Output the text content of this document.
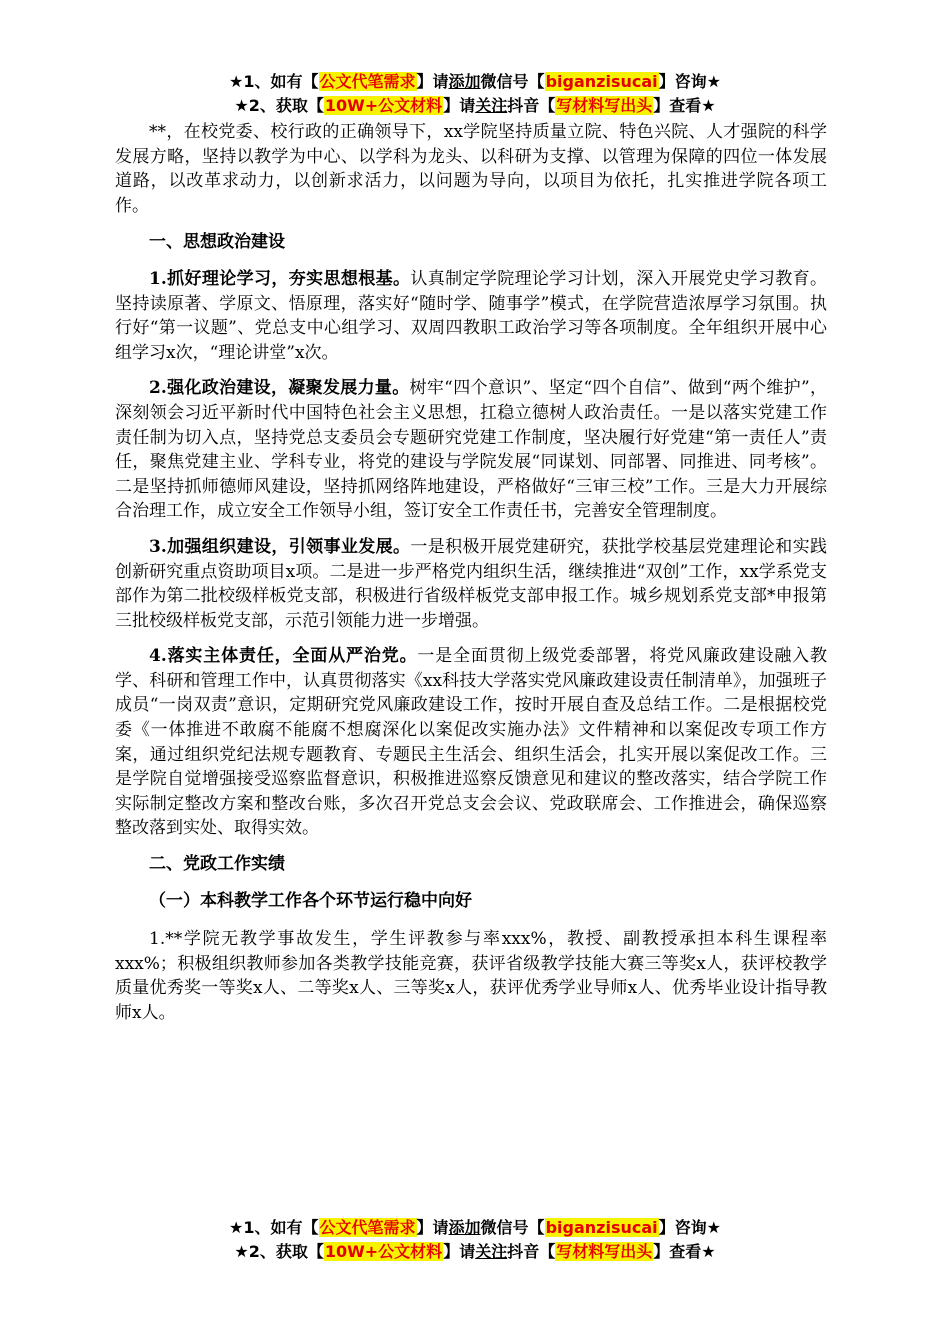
★1、如有【公文代笔需求】请添加微信号【biganzisucai】咨询★
★2、获取【10W+公文材料】请关注抖音【写材料写出头】查看★

**，在校党委、校行政的正确领导下，xx学院坚持质量立院、特色兴院、人才强院的科学发展方略，坚持以教学为中心、以学科为龙头、以科研为支撑、以管理为保障的四位一体发展道路，以改革求动力，以创新求活力，以问题为导向，以项目为依托，扎实推进学院各项工作。

一、思想政治建设

1.抓好理论学习，夯实思想根基。认真制定学院理论学习计划，深入开展党史学习教育。坚持读原著、学原文、悟原理，落实好“随时学、随事学”模式，在学院营造浓厚学习氛围。执行好“第一议题”、党总支中心组学习、双周四教职工政治学习等各项制度。全年组织开展中心组学习x次，“理论讲堂”x次。

2.强化政治建设，凝聚发展力量。树牢“四个意识”、坚定“四个自信”、做到“两个维护”，深刻领会习近平新时代中国特色社会主义思想，扛稳立德树人政治责任。一是以落实党建工作责任制为切入点，坚持党总支委员会专题研究党建工作制度，坚决履行好党建“第一责任人”责任，聚焦党建主业、学科专业，将党的建设与学院发展“同谋划、同部署、同推进、同考核”。二是坚持抓师德师风建设，坚持抓网络阵地建设，严格做好“三审三校”工作。三是大力开展综合治理工作，成立安全工作领导小组，签订安全工作责任书，完善安全管理制度。

3.加强组织建设，引领事业发展。一是积极开展党建研究，获批学校基层党建理论和实践创新研究重点资助项目x项。二是进一步严格党内组织生活，继续推进“双创”工作，xx学系党支部作为第二批校级样板党支部，积极进行省级样板党支部申报工作。城乡规划系党支部*申报第三批校级样板党支部，示范引领能力进一步增强。

4.落实主体责任，全面从严治党。一是全面贯彻上级党委部署，将党风廉政建设融入教学、科研和管理工作中，认真贯彻落实《xx科技大学落实党风廉政建设责任制清单》，加强班子成员“一岗双责”意识，定期研究党风廉政建设工作，按时开展自查及总结工作。二是根据校党委《一体推进不敢腐不能腐不想腐深化以案促改实施办法》文件精神和以案促改专项工作方案，通过组织党纪法规专题教育、专题民主生活会、组织生活会，扎实开展以案促改工作。三是学院自觉增强接受巡察监督意识，积极推进巡察反馈意见和建议的整改落实，结合学院工作实际制定整改方案和整改台账，多次召开党总支会会议、党政联席会、工作推进会，确保巡察整改落到实处、取得实效。

二、党政工作实绩
（一）本科教学工作各个环节运行稳中向好

1.**学院无教学事故发生，学生评教参与率xxx%，教授、副教授承担本科生课程率xxx%；积极组织教师参加各类教学技能竞赛，获评省级教学技能大赛三等奖x人，获评校教学质量优秀奖一等奖x人、二等奖x人、三等奖x人，获评优秀学业导师x人、优秀毕业设计指导教师x人。

★1、如有【公文代笔需求】请添加微信号【biganzisucai】咨询★
★2、获取【10W+公文材料】请关注抖音【写材料写出头】查看★
